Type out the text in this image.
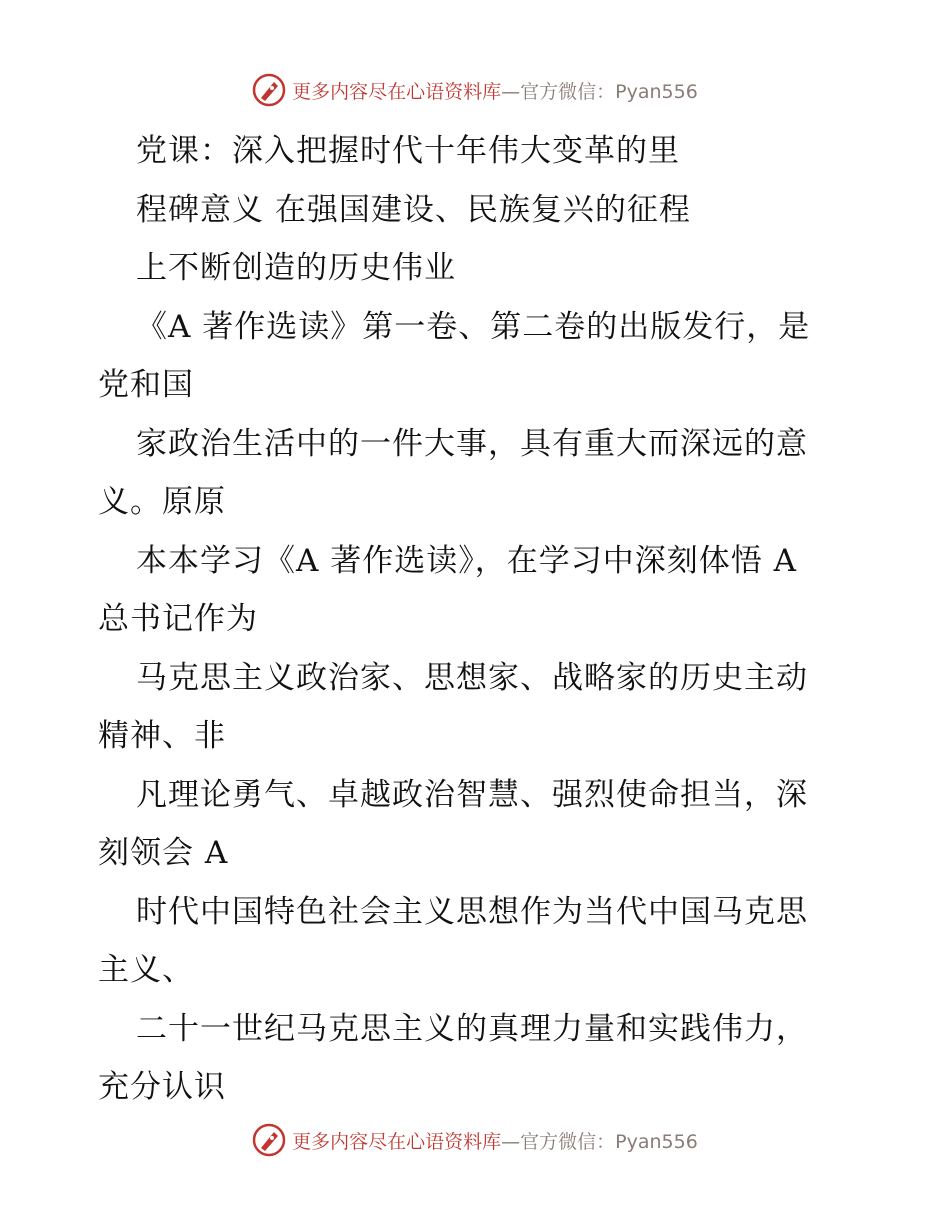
更多内容尽在心语资料库—官方微信：Pyan556
党课：深入把握时代十年伟大变革的里
程碑意义 在强国建设、民族复兴的征程
上不断创造的历史伟业
《A 著作选读》第一卷、第二卷的出版发行，是
党和国
家政治生活中的一件大事，具有重大而深远的意
义。原原
本本学习《A 著作选读》，在学习中深刻体悟 A
总书记作为
马克思主义政治家、思想家、战略家的历史主动
精神、非
凡理论勇气、卓越政治智慧、强烈使命担当，深
刻领会 A
时代中国特色社会主义思想作为当代中国马克思
主义、
二十一世纪马克思主义的真理力量和实践伟力，
充分认识
更多内容尽在心语资料库—官方微信：Pyan556
